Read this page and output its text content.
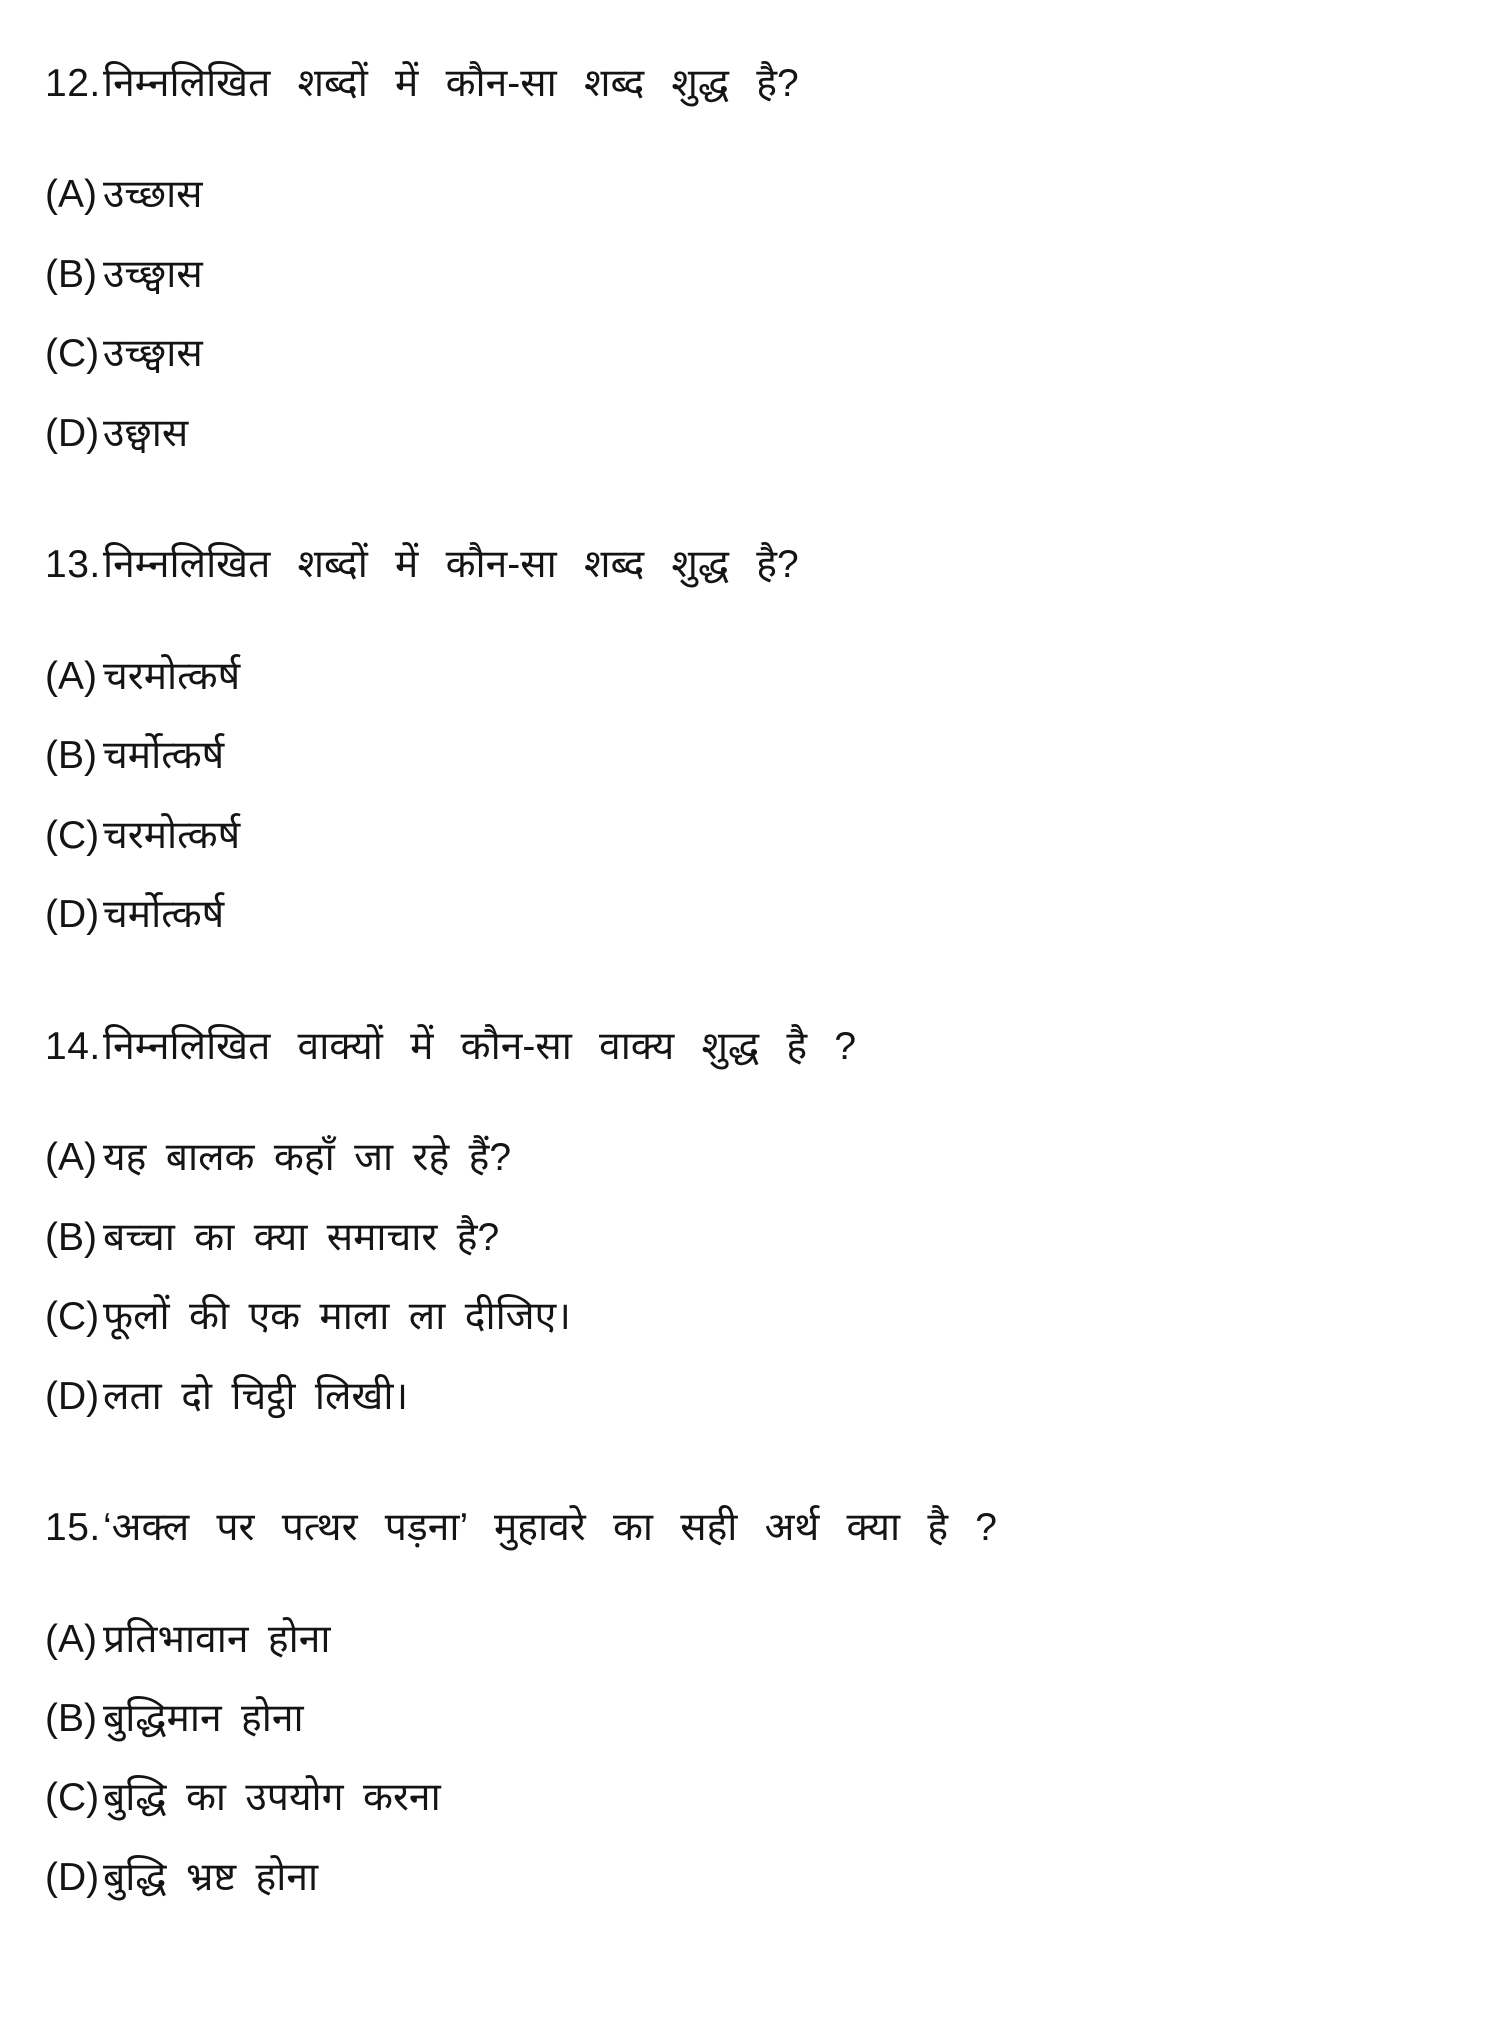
12. निम्नलिखित शब्दों में कौन-सा शब्द शुद्ध है?
(A) उच्छास
(B) उच्छ्वास
(C) उच्छ्वास
(D) उछ्वास
13. निम्नलिखित शब्दों में कौन-सा शब्द शुद्ध है?
(A) चरमोत्कर्ष
(B) चर्मोत्कर्ष
(C) चरमोत्कर्ष
(D) चर्मोत्कर्ष
14. निम्नलिखित वाक्यों में कौन-सा वाक्य शुद्ध है ?
(A) यह बालक कहाँ जा रहे हैं?
(B) बच्चा का क्या समाचार है?
(C) फूलों की एक माला ला दीजिए।
(D) लता दो चिट्ठी लिखी।
15. ‘अक्ल पर पत्थर पड़ना’ मुहावरे का सही अर्थ क्या है ?
(A) प्रतिभावान होना
(B) बुद्धिमान होना
(C) बुद्धि का उपयोग करना
(D) बुद्धि भ्रष्ट होना
